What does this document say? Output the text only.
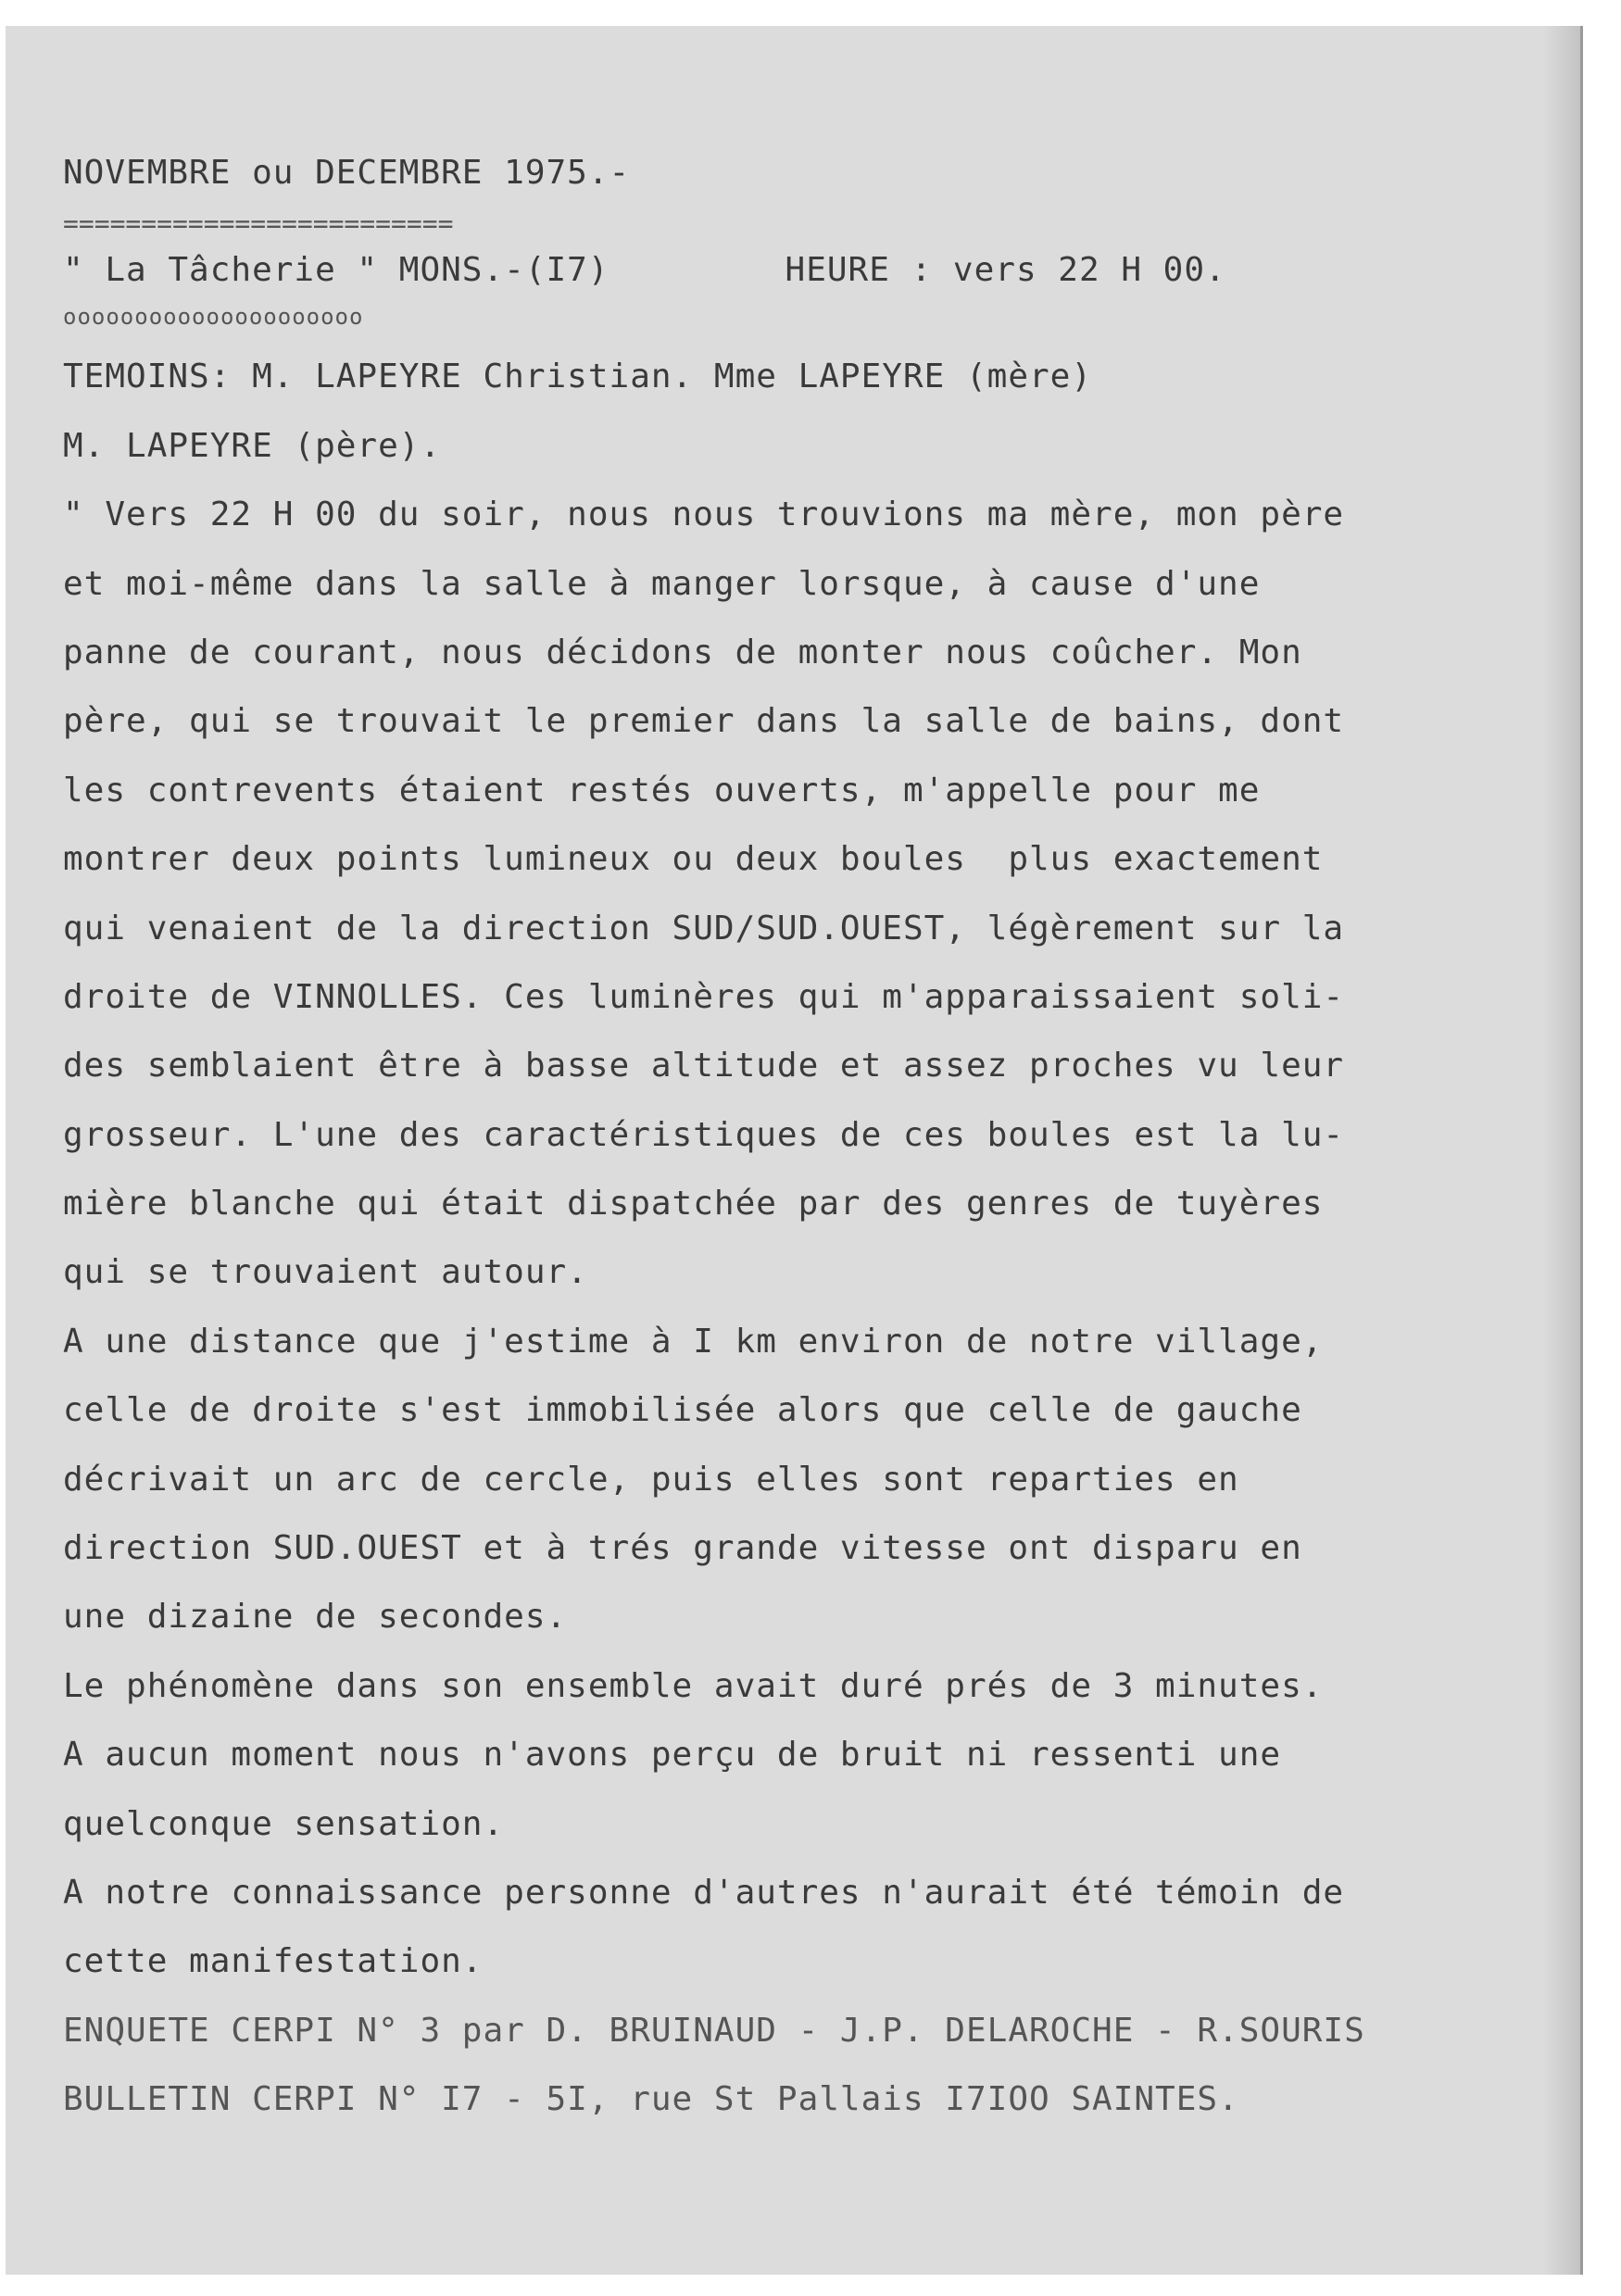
NOVEMBRE ou DECEMBRE 1975.-
=========================
" La Tâcherie " MONS.-(I7)	HEURE : vers 22 H 00.
ooooooooooooooooooooo
TEMOINS: M. LAPEYRE Christian. Mme LAPEYRE (mère)
M. LAPEYRE (père).
" Vers 22 H 00 du soir, nous nous trouvions ma mère, mon père
et moi-même dans la salle à manger lorsque, à cause d'une
panne de courant, nous décidons de monter nous coûcher. Mon
père, qui se trouvait le premier dans la salle de bains, dont
les contrevents étaient restés ouverts, m'appelle pour me
montrer deux points lumineux ou deux boules  plus exactement
qui venaient de la direction SUD/SUD.OUEST, légèrement sur la
droite de VINNOLLES. Ces luminères qui m'apparaissaient soli-
des semblaient être à basse altitude et assez proches vu leur
grosseur. L'une des caractéristiques de ces boules est la lu-
mière blanche qui était dispatchée par des genres de tuyères
qui se trouvaient autour.
A une distance que j'estime à I km environ de notre village,
celle de droite s'est immobilisée alors que celle de gauche
décrivait un arc de cercle, puis elles sont reparties en
direction SUD.OUEST et à trés grande vitesse ont disparu en
une dizaine de secondes.
Le phénomène dans son ensemble avait duré prés de 3 minutes.
A aucun moment nous n'avons perçu de bruit ni ressenti une
quelconque sensation.
A notre connaissance personne d'autres n'aurait été témoin de
cette manifestation.
ENQUETE CERPI N° 3 par D. BRUINAUD - J.P. DELAROCHE - R.SOURIS
BULLETIN CERPI N° I7 - 5I, rue St Pallais I7IOO SAINTES.
